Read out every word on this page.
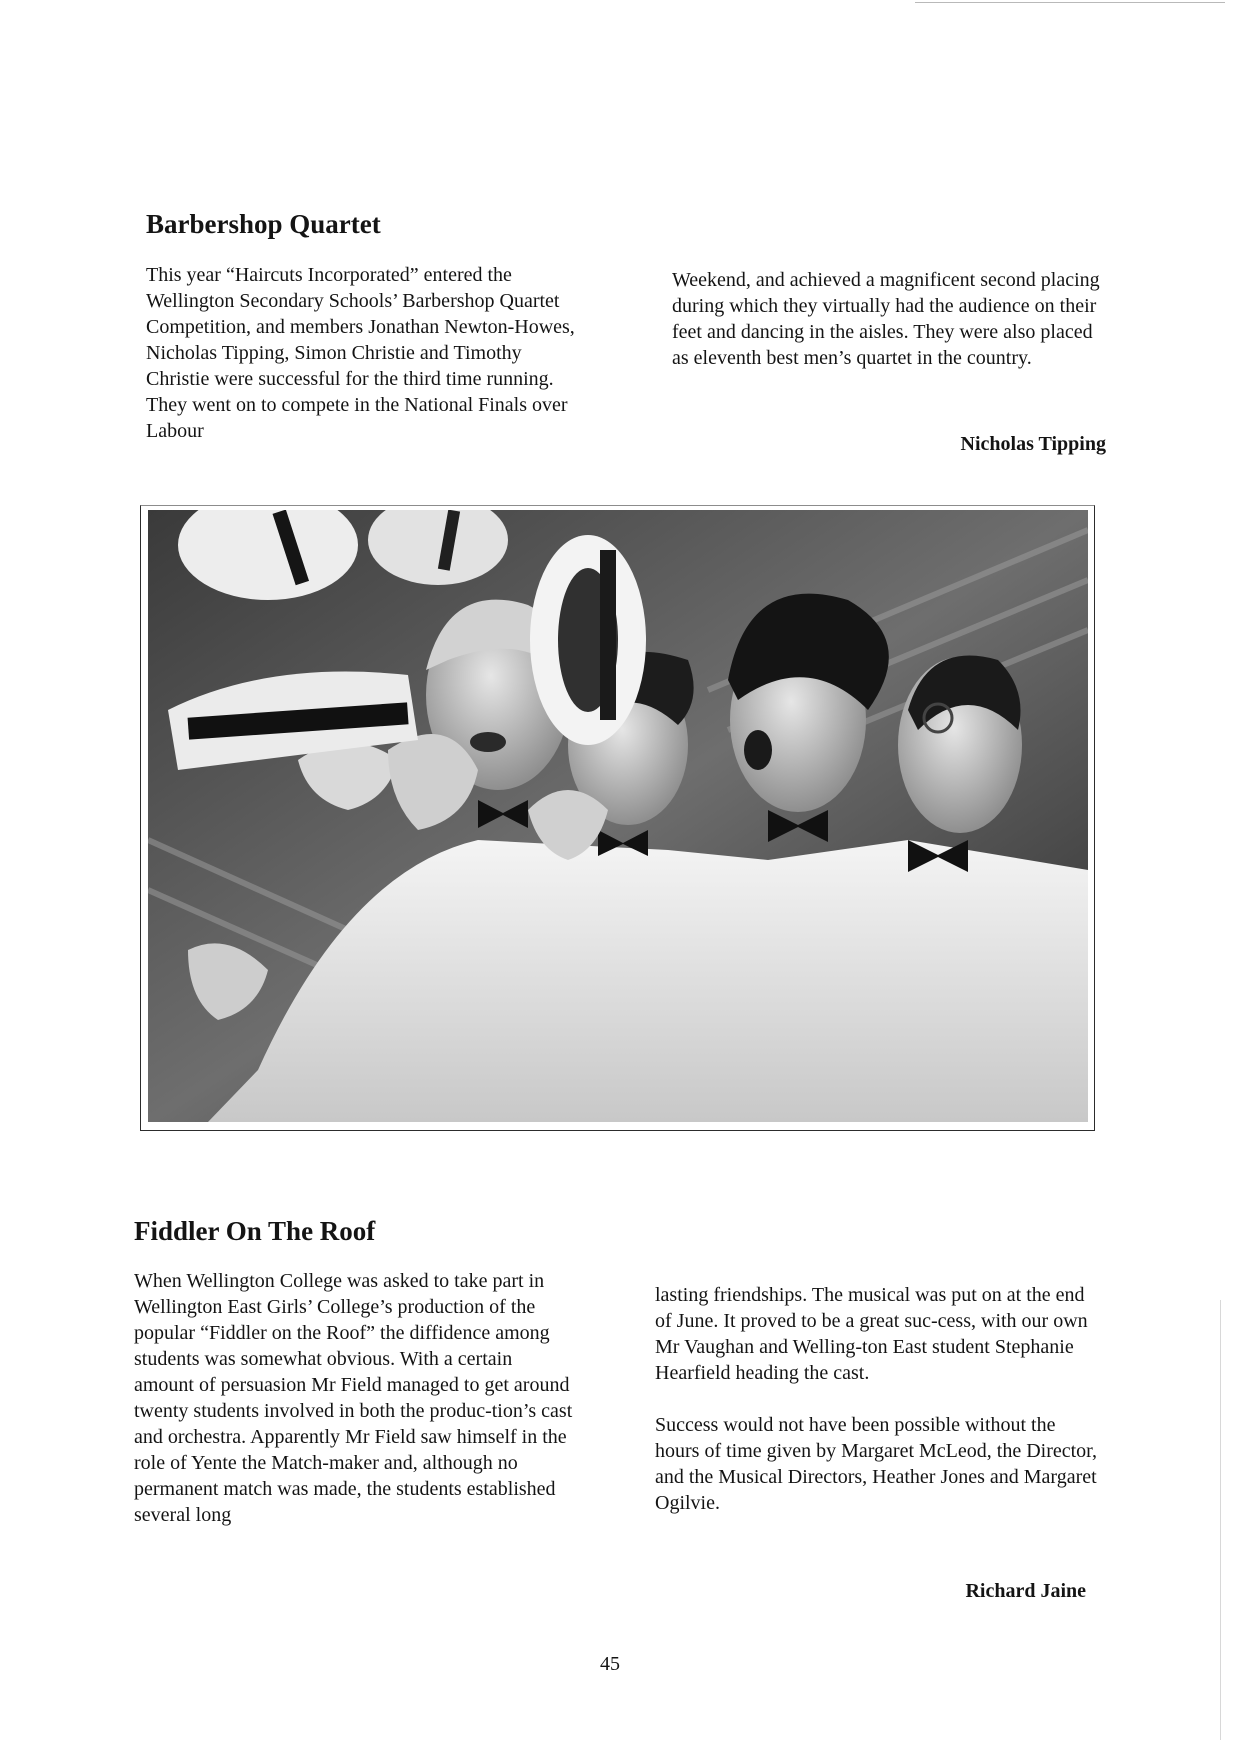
Barbershop Quartet

This year “Haircuts Incorporated” entered the Wellington Secondary Schools’ Barbershop Quartet Competition, and members Jonathan Newton-Howes, Nicholas Tipping, Simon Christie and Timothy Christie were successful for the third time running. They went on to compete in the National Finals over Labour

Weekend, and achieved a magnificent second placing during which they virtually had the audience on their feet and dancing in the aisles. They were also placed as eleventh best men’s quartet in the country.

Nicholas Tipping
Fiddler On The Roof

When Wellington College was asked to take part in Wellington East Girls’ College’s production of the popular “Fiddler on the Roof” the diffidence among students was somewhat obvious. With a certain amount of persuasion Mr Field managed to get around twenty students involved in both the produc-tion’s cast and orchestra. Apparently Mr Field saw himself in the role of Yente the Match-maker and, although no permanent match was made, the students established several long

lasting friendships. The musical was put on at the end of June. It proved to be a great suc-cess, with our own Mr Vaughan and Welling-ton East student Stephanie Hearfield heading the cast.

Success would not have been possible without the hours of time given by Margaret McLeod, the Director, and the Musical Directors, Heather Jones and Margaret Ogilvie.

Richard Jaine
45
